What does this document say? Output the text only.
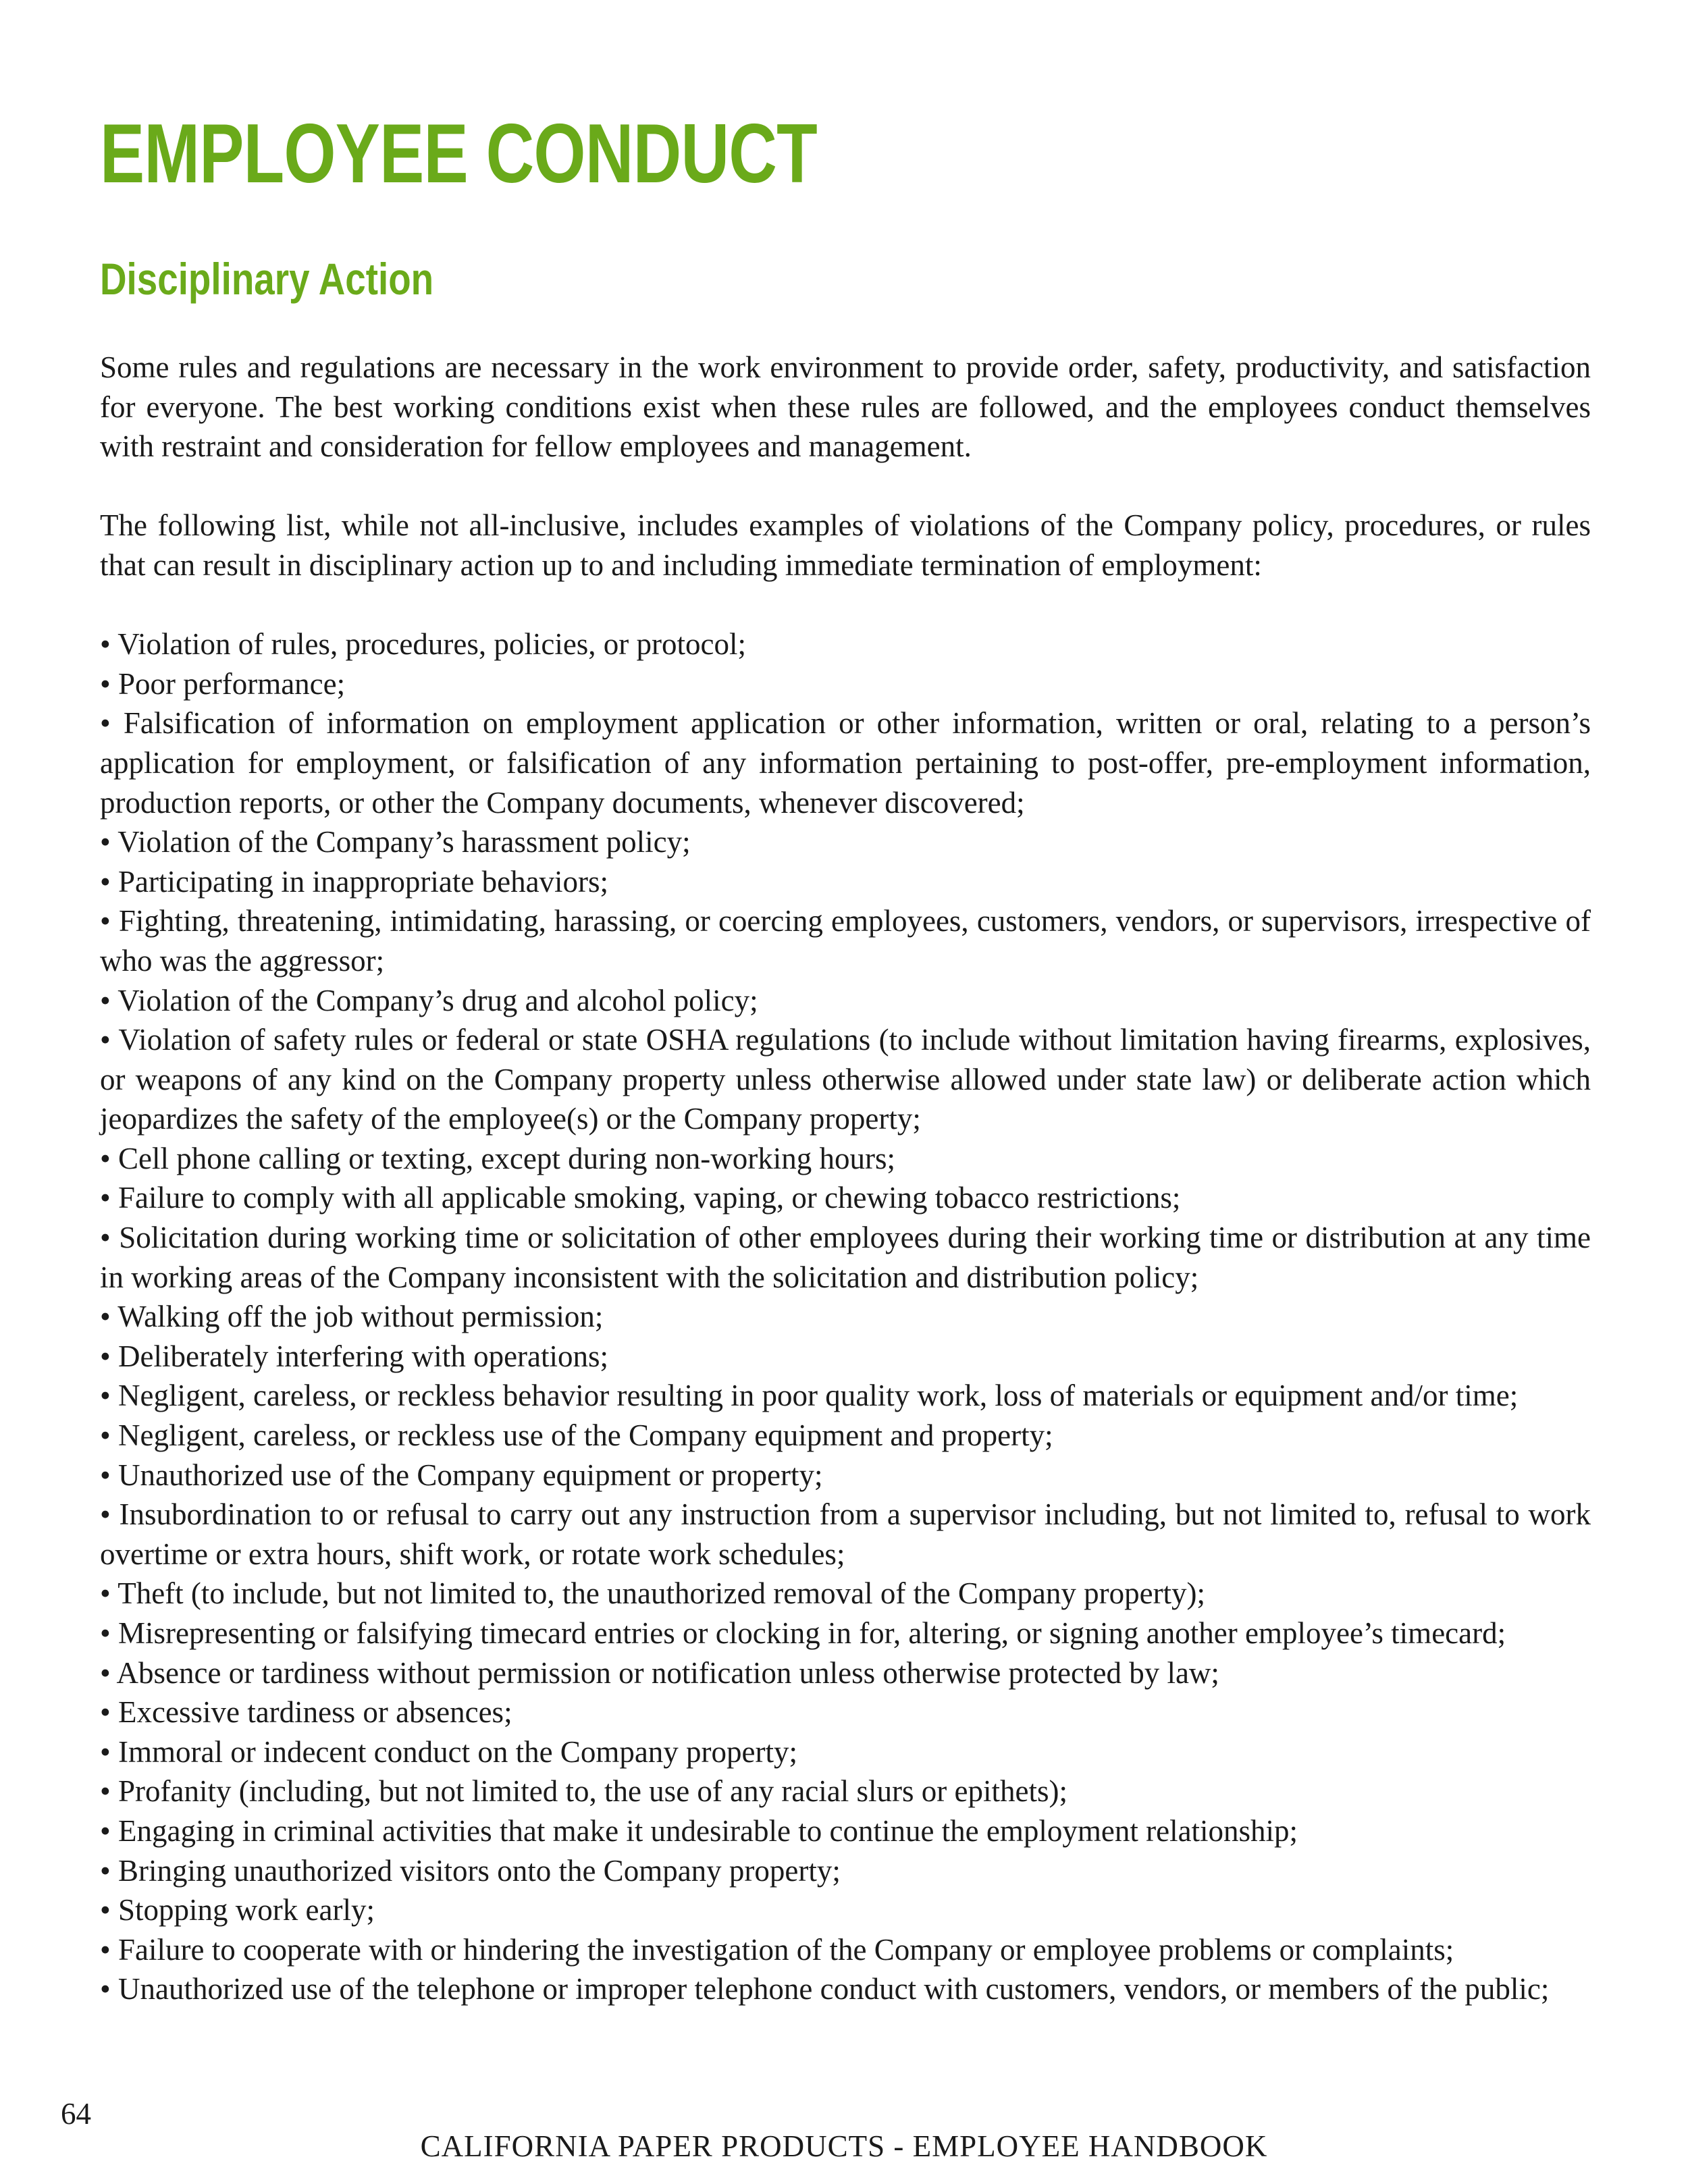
EMPLOYEE CONDUCT
Disciplinary Action

Some rules and regulations are necessary in the work environment to provide order, safety, productivity, and satisfaction for everyone. The best working conditions exist when these rules are followed, and the employees conduct themselves with restraint and consideration for fellow employees and management.

The following list, while not all-inclusive, includes examples of violations of the Company policy, procedures, or rules that can result in disciplinary action up to and including immediate termination of employment:

• Violation of rules, procedures, policies, or protocol;
• Poor performance;
• Falsification of information on employment application or other information, written or oral, relating to a person’s application for employment, or falsification of any information pertaining to post-offer, pre-employment information, production reports, or other the Company documents, whenever discovered;
• Violation of the Company’s harassment policy;
• Participating in inappropriate behaviors;
• Fighting, threatening, intimidating, harassing, or coercing employees, customers, vendors, or supervisors, irrespective of who was the aggressor;
• Violation of the Company’s drug and alcohol policy;
• Violation of safety rules or federal or state OSHA regulations (to include without limitation having firearms, explosives, or weapons of any kind on the Company property unless otherwise allowed under state law) or deliberate action which jeopardizes the safety of the employee(s) or the Company property;
• Cell phone calling or texting, except during non-working hours;
• Failure to comply with all applicable smoking, vaping, or chewing tobacco restrictions;
• Solicitation during working time or solicitation of other employees during their working time or distribution at any time in working areas of the Company inconsistent with the solicitation and distribution policy;
• Walking off the job without permission;
• Deliberately interfering with operations;
• Negligent, careless, or reckless behavior resulting in poor quality work, loss of materials or equipment and/or time;
• Negligent, careless, or reckless use of the Company equipment and property;
• Unauthorized use of the Company equipment or property;
• Insubordination to or refusal to carry out any instruction from a supervisor including, but not limited to, refusal to work overtime or extra hours, shift work, or rotate work schedules;
• Theft (to include, but not limited to, the unauthorized removal of the Company property);
• Misrepresenting or falsifying timecard entries or clocking in for, altering, or signing another employee’s timecard;
• Absence or tardiness without permission or notification unless otherwise protected by law;
• Excessive tardiness or absences;
• Immoral or indecent conduct on the Company property;
• Profanity (including, but not limited to, the use of any racial slurs or epithets);
• Engaging in criminal activities that make it undesirable to continue the employment relationship;
• Bringing unauthorized visitors onto the Company property;
• Stopping work early;
• Failure to cooperate with or hindering the investigation of the Company or employee problems or complaints;
• Unauthorized use of the telephone or improper telephone conduct with customers, vendors, or members of the public;
64
CALIFORNIA PAPER PRODUCTS - EMPLOYEE HANDBOOK
